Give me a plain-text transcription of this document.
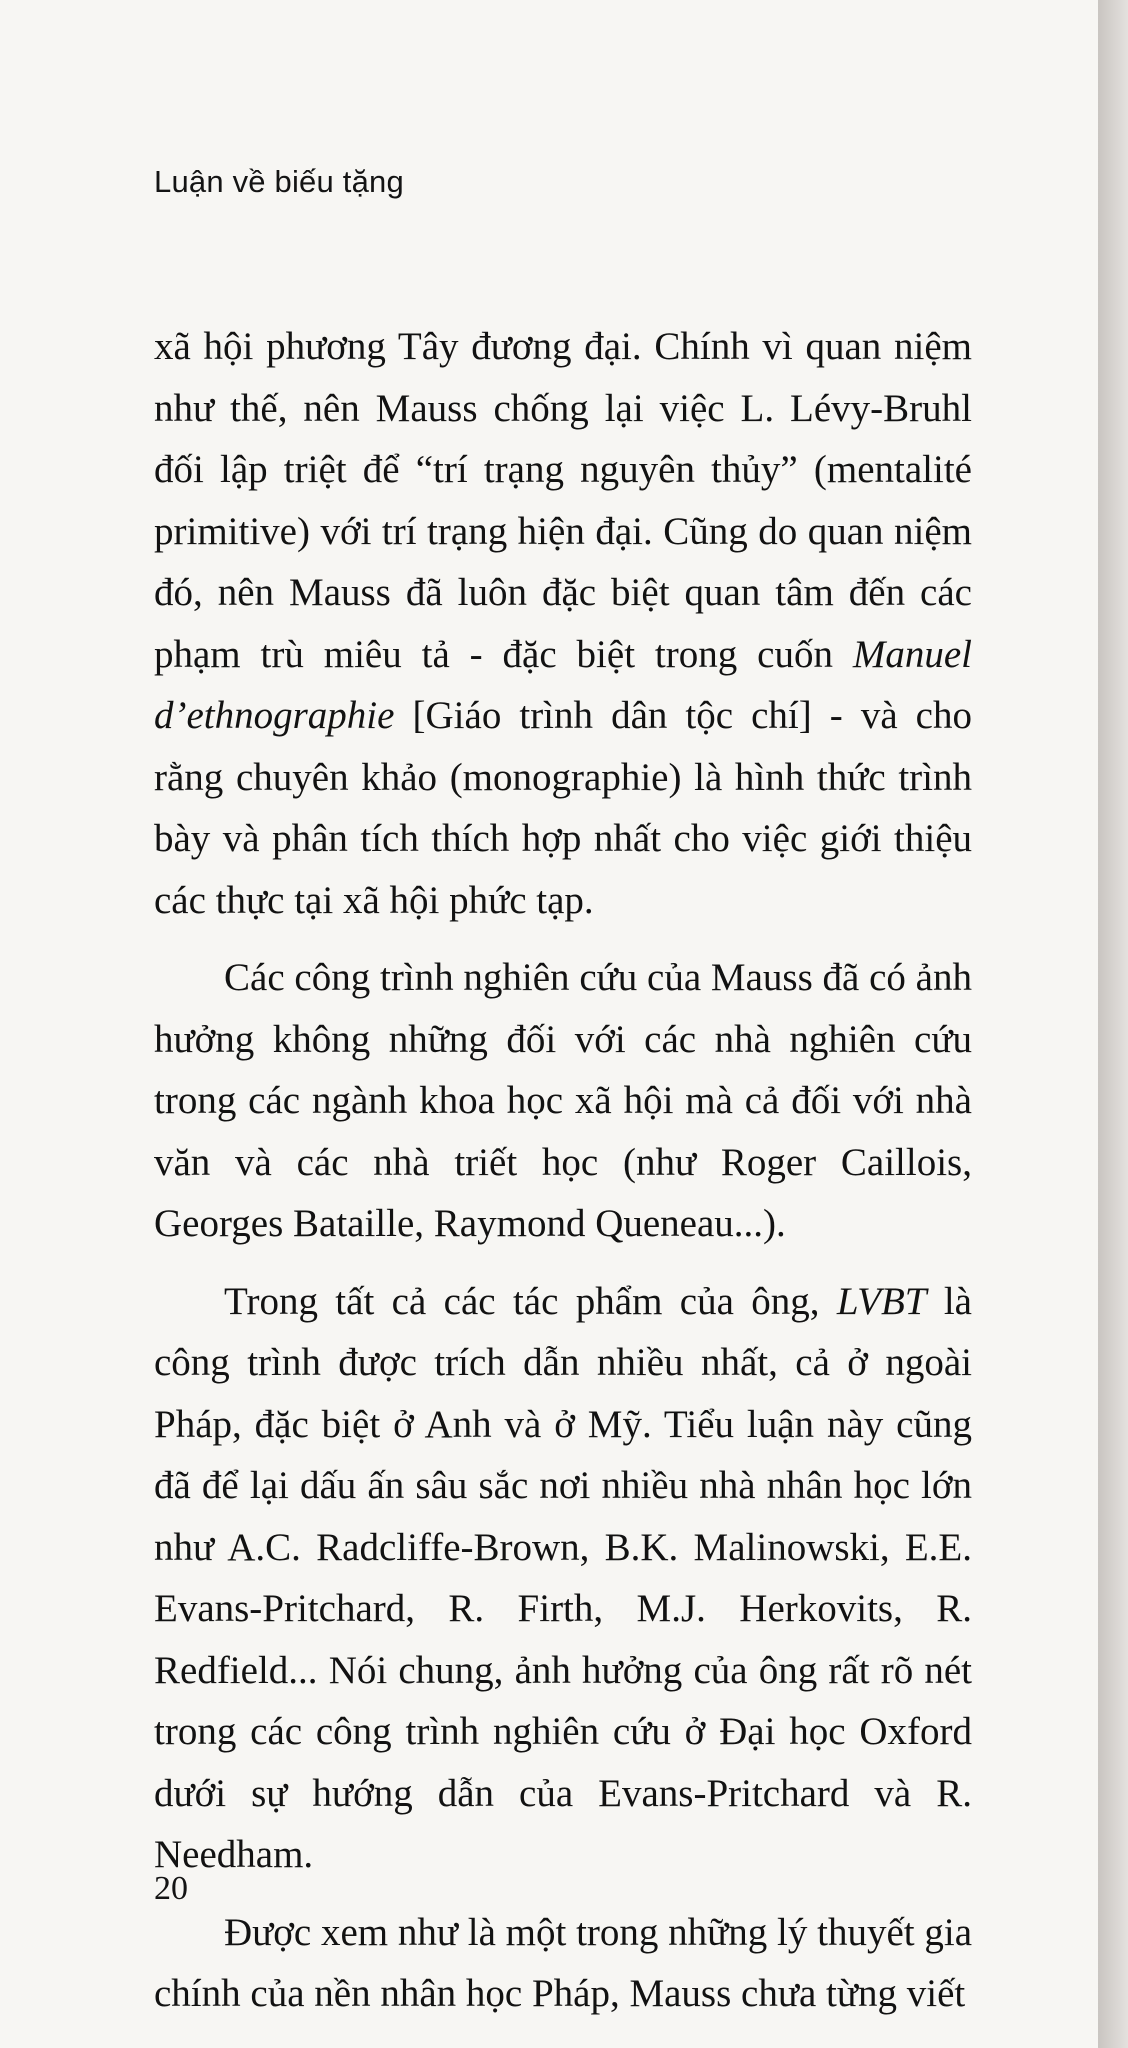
Luận về biếu tặng

xã hội phương Tây đương đại. Chính vì quan niệm như thế, nên Mauss chống lại việc L. Lévy-Bruhl đối lập triệt để “trí trạng nguyên thủy” (mentalité primitive) với trí trạng hiện đại. Cũng do quan niệm đó, nên Mauss đã luôn đặc biệt quan tâm đến các phạm trù miêu tả - đặc biệt trong cuốn Manuel d’ethnographie [Giáo trình dân tộc chí] - và cho rằng chuyên khảo (monographie) là hình thức trình bày và phân tích thích hợp nhất cho việc giới thiệu các thực tại xã hội phức tạp.

Các công trình nghiên cứu của Mauss đã có ảnh hưởng không những đối với các nhà nghiên cứu trong các ngành khoa học xã hội mà cả đối với nhà văn và các nhà triết học (như Roger Caillois, Georges Bataille, Raymond Queneau...).

Trong tất cả các tác phẩm của ông, LVBT là công trình được trích dẫn nhiều nhất, cả ở ngoài Pháp, đặc biệt ở Anh và ở Mỹ. Tiểu luận này cũng đã để lại dấu ấn sâu sắc nơi nhiều nhà nhân học lớn như A.C. Radcliffe-Brown, B.K. Malinowski, E.E. Evans-Pritchard, R. Firth, M.J. Herkovits, R. Redfield... Nói chung, ảnh hưởng của ông rất rõ nét trong các công trình nghiên cứu ở Đại học Oxford dưới sự hướng dẫn của Evans-Pritchard và R. Needham.

Được xem như là một trong những lý thuyết gia chính của nền nhân học Pháp, Mauss chưa từng viết

20
